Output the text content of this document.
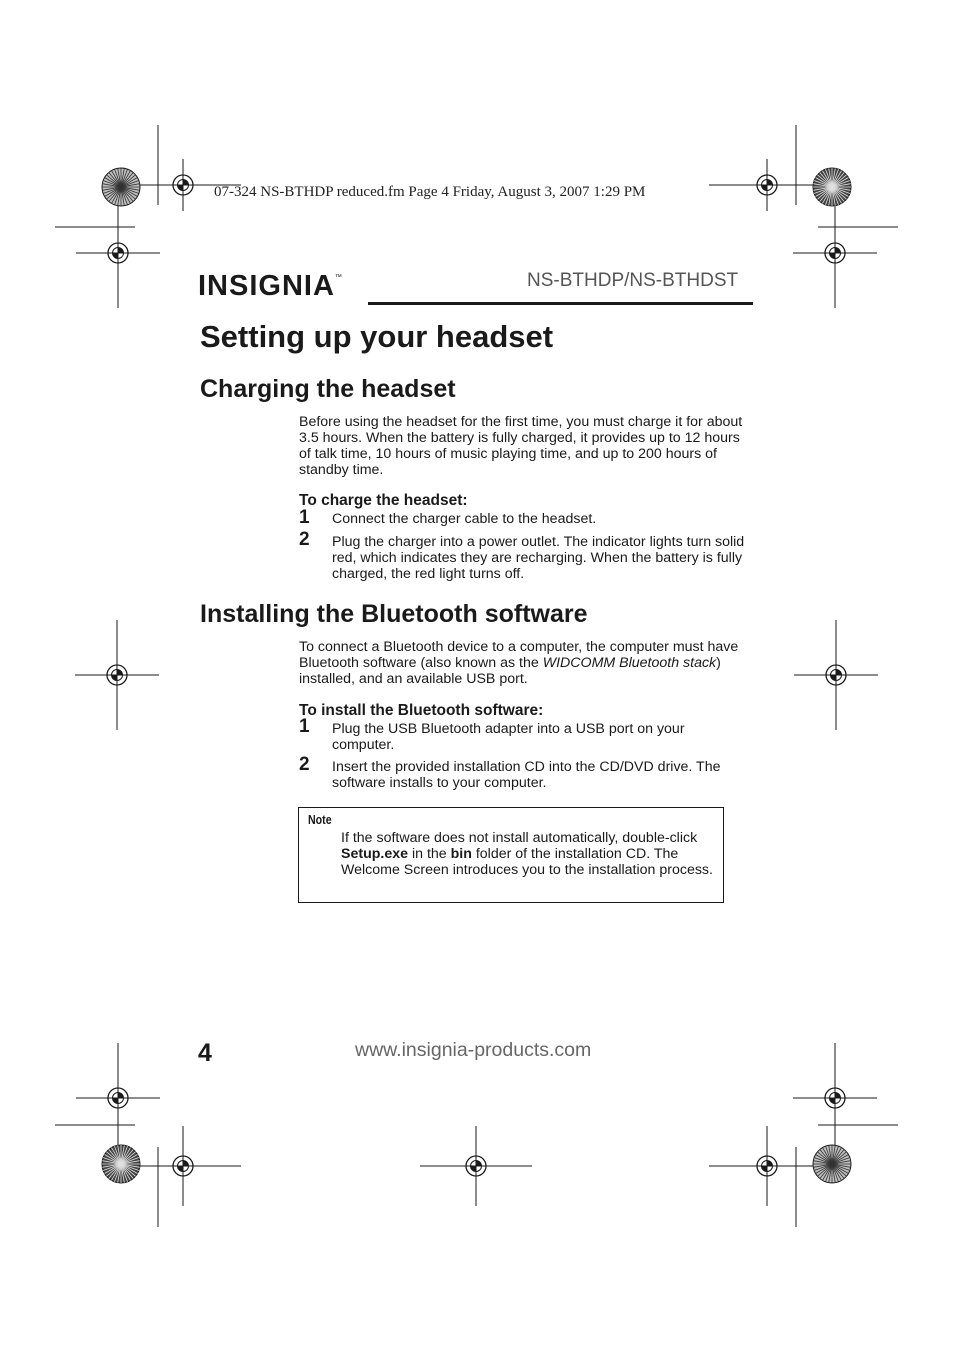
07-324 NS-BTHDP reduced.fm Page 4 Friday, August 3, 2007 1:29 PM
INSIGNIA™	NS-BTHDP/NS-BTHDST
Setting up your headset
Charging the headset
Before using the headset for the first time, you must charge it for about 3.5 hours. When the battery is fully charged, it provides up to 12 hours of talk time, 10 hours of music playing time, and up to 200 hours of standby time.
To charge the headset:
1 Connect the charger cable to the headset.
2 Plug the charger into a power outlet. The indicator lights turn solid red, which indicates they are recharging. When the battery is fully charged, the red light turns off.
Installing the Bluetooth software
To connect a Bluetooth device to a computer, the computer must have Bluetooth software (also known as the WIDCOMM Bluetooth stack) installed, and an available USB port.
To install the Bluetooth software:
1 Plug the USB Bluetooth adapter into a USB port on your computer.
2 Insert the provided installation CD into the CD/DVD drive. The software installs to your computer.
Note
If the software does not install automatically, double-click Setup.exe in the bin folder of the installation CD. The Welcome Screen introduces you to the installation process.
4	www.insignia-products.com
